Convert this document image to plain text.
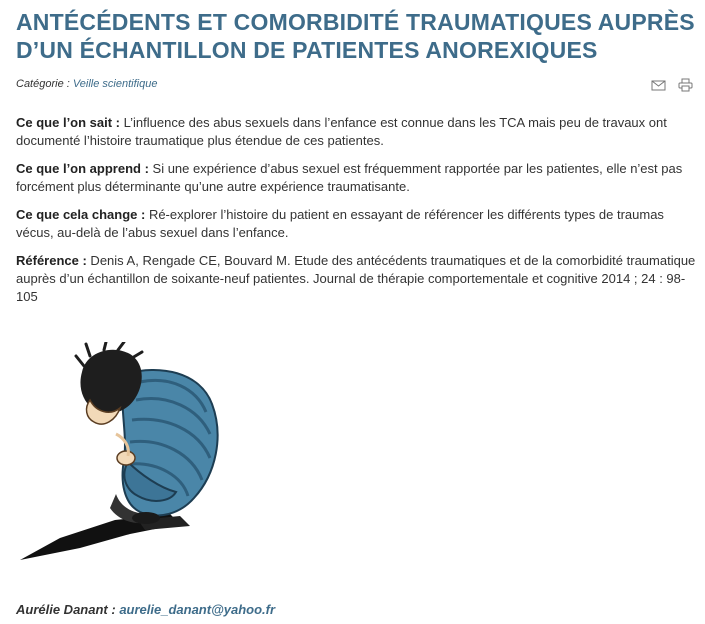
ANTÉCÉDENTS ET COMORBIDITÉ TRAUMATIQUES AUPRÈS D’UN ÉCHANTILLON DE PATIENTES ANOREXIQUES
Catégorie : Veille scientifique

Ce que l’on sait : L’influence des abus sexuels dans l’enfance est connue dans les TCA mais peu de travaux ont documenté l’histoire traumatique plus étendue de ces patientes.

Ce que l’on apprend : Si une expérience d’abus sexuel est fréquemment rapportée par les patientes, elle n’est pas forcément plus déterminante qu’une autre expérience traumatisante.

Ce que cela change : Ré-explorer l’histoire du patient en essayant de référencer les différents types de traumas vécus, au-delà de l’abus sexuel dans l’enfance.

Référence : Denis A, Rengade CE, Bouvard M. Etude des antécédents traumatiques et de la comorbidité traumatique auprès d’un échantillon de soixante-neuf patientes. Journal de thérapie comportementale et cognitive 2014 ; 24 : 98-105

Aurélie Danant : aurelie_danant@yahoo.fr
